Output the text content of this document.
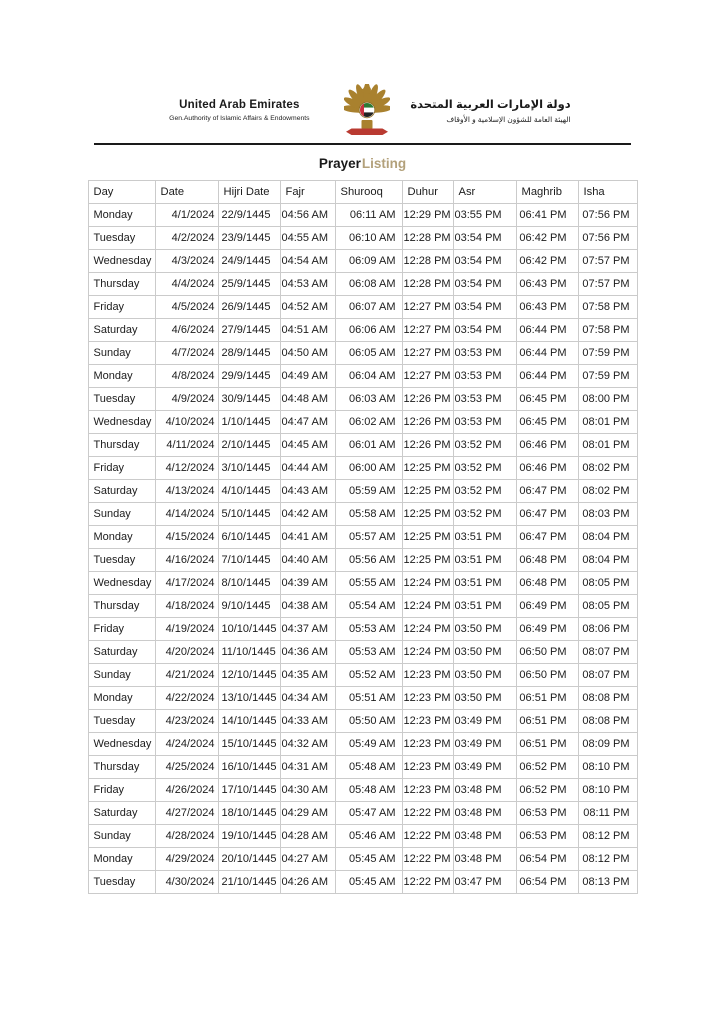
United Arab Emirates
Gen.Authority of Islamic Affairs & Endowments
دولة الإمارات العربية المتحدة
الهيئة العامة للشؤون الإسلامية و الأوقاف
PrayerListing
Day	Date	Hijri Date	Fajr	Shurooq	Duhur	Asr	Maghrib	Isha
Monday	4/1/2024	22/9/1445	04:56 AM	06:11 AM	12:29 PM	03:55 PM	06:41 PM	07:56 PM
Tuesday	4/2/2024	23/9/1445	04:55 AM	06:10 AM	12:28 PM	03:54 PM	06:42 PM	07:56 PM
Wednesday	4/3/2024	24/9/1445	04:54 AM	06:09 AM	12:28 PM	03:54 PM	06:42 PM	07:57 PM
Thursday	4/4/2024	25/9/1445	04:53 AM	06:08 AM	12:28 PM	03:54 PM	06:43 PM	07:57 PM
Friday	4/5/2024	26/9/1445	04:52 AM	06:07 AM	12:27 PM	03:54 PM	06:43 PM	07:58 PM
Saturday	4/6/2024	27/9/1445	04:51 AM	06:06 AM	12:27 PM	03:54 PM	06:44 PM	07:58 PM
Sunday	4/7/2024	28/9/1445	04:50 AM	06:05 AM	12:27 PM	03:53 PM	06:44 PM	07:59 PM
Monday	4/8/2024	29/9/1445	04:49 AM	06:04 AM	12:27 PM	03:53 PM	06:44 PM	07:59 PM
Tuesday	4/9/2024	30/9/1445	04:48 AM	06:03 AM	12:26 PM	03:53 PM	06:45 PM	08:00 PM
Wednesday	4/10/2024	1/10/1445	04:47 AM	06:02 AM	12:26 PM	03:53 PM	06:45 PM	08:01 PM
Thursday	4/11/2024	2/10/1445	04:45 AM	06:01 AM	12:26 PM	03:52 PM	06:46 PM	08:01 PM
Friday	4/12/2024	3/10/1445	04:44 AM	06:00 AM	12:25 PM	03:52 PM	06:46 PM	08:02 PM
Saturday	4/13/2024	4/10/1445	04:43 AM	05:59 AM	12:25 PM	03:52 PM	06:47 PM	08:02 PM
Sunday	4/14/2024	5/10/1445	04:42 AM	05:58 AM	12:25 PM	03:52 PM	06:47 PM	08:03 PM
Monday	4/15/2024	6/10/1445	04:41 AM	05:57 AM	12:25 PM	03:51 PM	06:47 PM	08:04 PM
Tuesday	4/16/2024	7/10/1445	04:40 AM	05:56 AM	12:25 PM	03:51 PM	06:48 PM	08:04 PM
Wednesday	4/17/2024	8/10/1445	04:39 AM	05:55 AM	12:24 PM	03:51 PM	06:48 PM	08:05 PM
Thursday	4/18/2024	9/10/1445	04:38 AM	05:54 AM	12:24 PM	03:51 PM	06:49 PM	08:05 PM
Friday	4/19/2024	10/10/1445	04:37 AM	05:53 AM	12:24 PM	03:50 PM	06:49 PM	08:06 PM
Saturday	4/20/2024	11/10/1445	04:36 AM	05:53 AM	12:24 PM	03:50 PM	06:50 PM	08:07 PM
Sunday	4/21/2024	12/10/1445	04:35 AM	05:52 AM	12:23 PM	03:50 PM	06:50 PM	08:07 PM
Monday	4/22/2024	13/10/1445	04:34 AM	05:51 AM	12:23 PM	03:50 PM	06:51 PM	08:08 PM
Tuesday	4/23/2024	14/10/1445	04:33 AM	05:50 AM	12:23 PM	03:49 PM	06:51 PM	08:08 PM
Wednesday	4/24/2024	15/10/1445	04:32 AM	05:49 AM	12:23 PM	03:49 PM	06:51 PM	08:09 PM
Thursday	4/25/2024	16/10/1445	04:31 AM	05:48 AM	12:23 PM	03:49 PM	06:52 PM	08:10 PM
Friday	4/26/2024	17/10/1445	04:30 AM	05:48 AM	12:23 PM	03:48 PM	06:52 PM	08:10 PM
Saturday	4/27/2024	18/10/1445	04:29 AM	05:47 AM	12:22 PM	03:48 PM	06:53 PM	08:11 PM
Sunday	4/28/2024	19/10/1445	04:28 AM	05:46 AM	12:22 PM	03:48 PM	06:53 PM	08:12 PM
Monday	4/29/2024	20/10/1445	04:27 AM	05:45 AM	12:22 PM	03:48 PM	06:54 PM	08:12 PM
Tuesday	4/30/2024	21/10/1445	04:26 AM	05:45 AM	12:22 PM	03:47 PM	06:54 PM	08:13 PM
